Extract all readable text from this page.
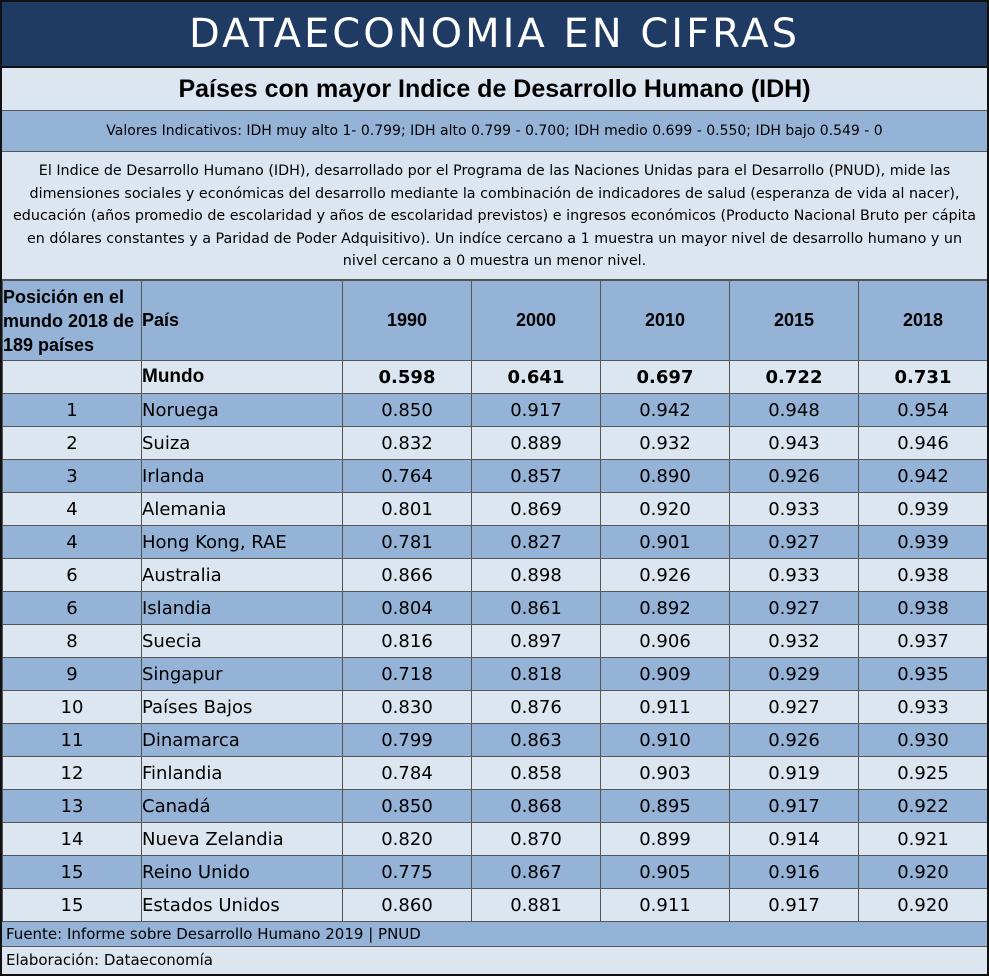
DATAECONOMIA EN CIFRAS
Países con mayor Indice de Desarrollo Humano (IDH)
Valores Indicativos: IDH muy alto 1- 0.799; IDH alto 0.799 - 0.700; IDH medio 0.699 - 0.550; IDH bajo 0.549 - 0
El Indice de Desarrollo Humano (IDH), desarrollado por el Programa de las Naciones Unidas para el Desarrollo (PNUD), mide las dimensiones sociales y económicas del desarrollo mediante la combinación de indicadores de salud (esperanza de vida al nacer), educación (años promedio de escolaridad y años de escolaridad previstos) e ingresos económicos (Producto Nacional Bruto per cápita en dólares constantes y a Paridad de Poder Adquisitivo). Un indíce cercano a 1 muestra un mayor nivel de desarrollo humano y un nivel cercano a 0 muestra un menor nivel.
Posición en el mundo 2018 de 189 países	País	1990	2000	2010	2015	2018
	Mundo	0.598	0.641	0.697	0.722	0.731
1	Noruega	0.850	0.917	0.942	0.948	0.954
2	Suiza	0.832	0.889	0.932	0.943	0.946
3	Irlanda	0.764	0.857	0.890	0.926	0.942
4	Alemania	0.801	0.869	0.920	0.933	0.939
4	Hong Kong, RAE	0.781	0.827	0.901	0.927	0.939
6	Australia	0.866	0.898	0.926	0.933	0.938
6	Islandia	0.804	0.861	0.892	0.927	0.938
8	Suecia	0.816	0.897	0.906	0.932	0.937
9	Singapur	0.718	0.818	0.909	0.929	0.935
10	Países Bajos	0.830	0.876	0.911	0.927	0.933
11	Dinamarca	0.799	0.863	0.910	0.926	0.930
12	Finlandia	0.784	0.858	0.903	0.919	0.925
13	Canadá	0.850	0.868	0.895	0.917	0.922
14	Nueva Zelandia	0.820	0.870	0.899	0.914	0.921
15	Reino Unido	0.775	0.867	0.905	0.916	0.920
15	Estados Unidos	0.860	0.881	0.911	0.917	0.920
Fuente: Informe sobre Desarrollo Humano 2019 | PNUD
Elaboración: Dataeconomía
